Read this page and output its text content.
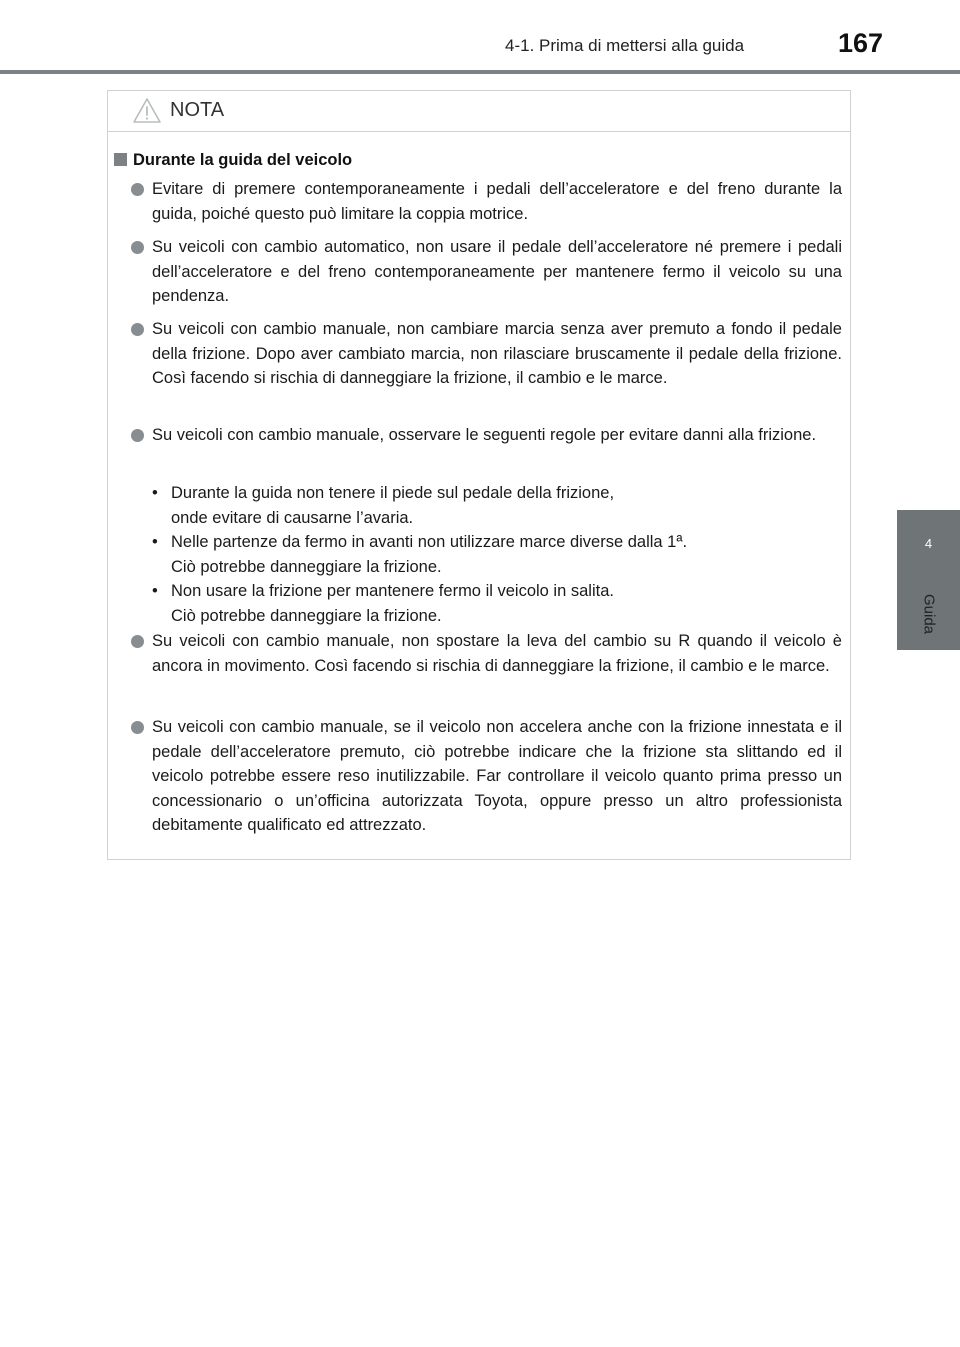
4-1. Prima di mettersi alla guida	167
4
Guida
NOTA
Durante la guida del veicolo
Evitare di premere contemporaneamente i pedali dell’acceleratore e del freno durante la guida, poiché questo può limitare la coppia motrice.
Su veicoli con cambio automatico, non usare il pedale dell’acceleratore né premere i pedali dell’acceleratore e del freno contemporaneamente per mantenere fermo il veicolo su una pendenza.
Su veicoli con cambio manuale, non cambiare marcia senza aver premuto a fondo il pedale della frizione. Dopo aver cambiato marcia, non rilasciare bruscamente il pedale della frizione. Così facendo si rischia di danneggiare la frizione, il cambio e le marce.
Su veicoli con cambio manuale, osservare le seguenti regole per evitare danni alla frizione.
• Durante la guida non tenere il piede sul pedale della frizione,
onde evitare di causarne l’avaria.
• Nelle partenze da fermo in avanti non utilizzare marce diverse dalla 1ª.
Ciò potrebbe danneggiare la frizione.
• Non usare la frizione per mantenere fermo il veicolo in salita.
Ciò potrebbe danneggiare la frizione.
Su veicoli con cambio manuale, non spostare la leva del cambio su R quando il veicolo è ancora in movimento. Così facendo si rischia di danneggiare la frizione, il cambio e le marce.
Su veicoli con cambio manuale, se il veicolo non accelera anche con la frizione innestata e il pedale dell’acceleratore premuto, ciò potrebbe indicare che la frizione sta slittando ed il veicolo potrebbe essere reso inutilizzabile. Far controllare il veicolo quanto prima presso un concessionario o un’officina autorizzata Toyota, oppure presso un altro professionista debitamente qualificato ed attrezzato.
